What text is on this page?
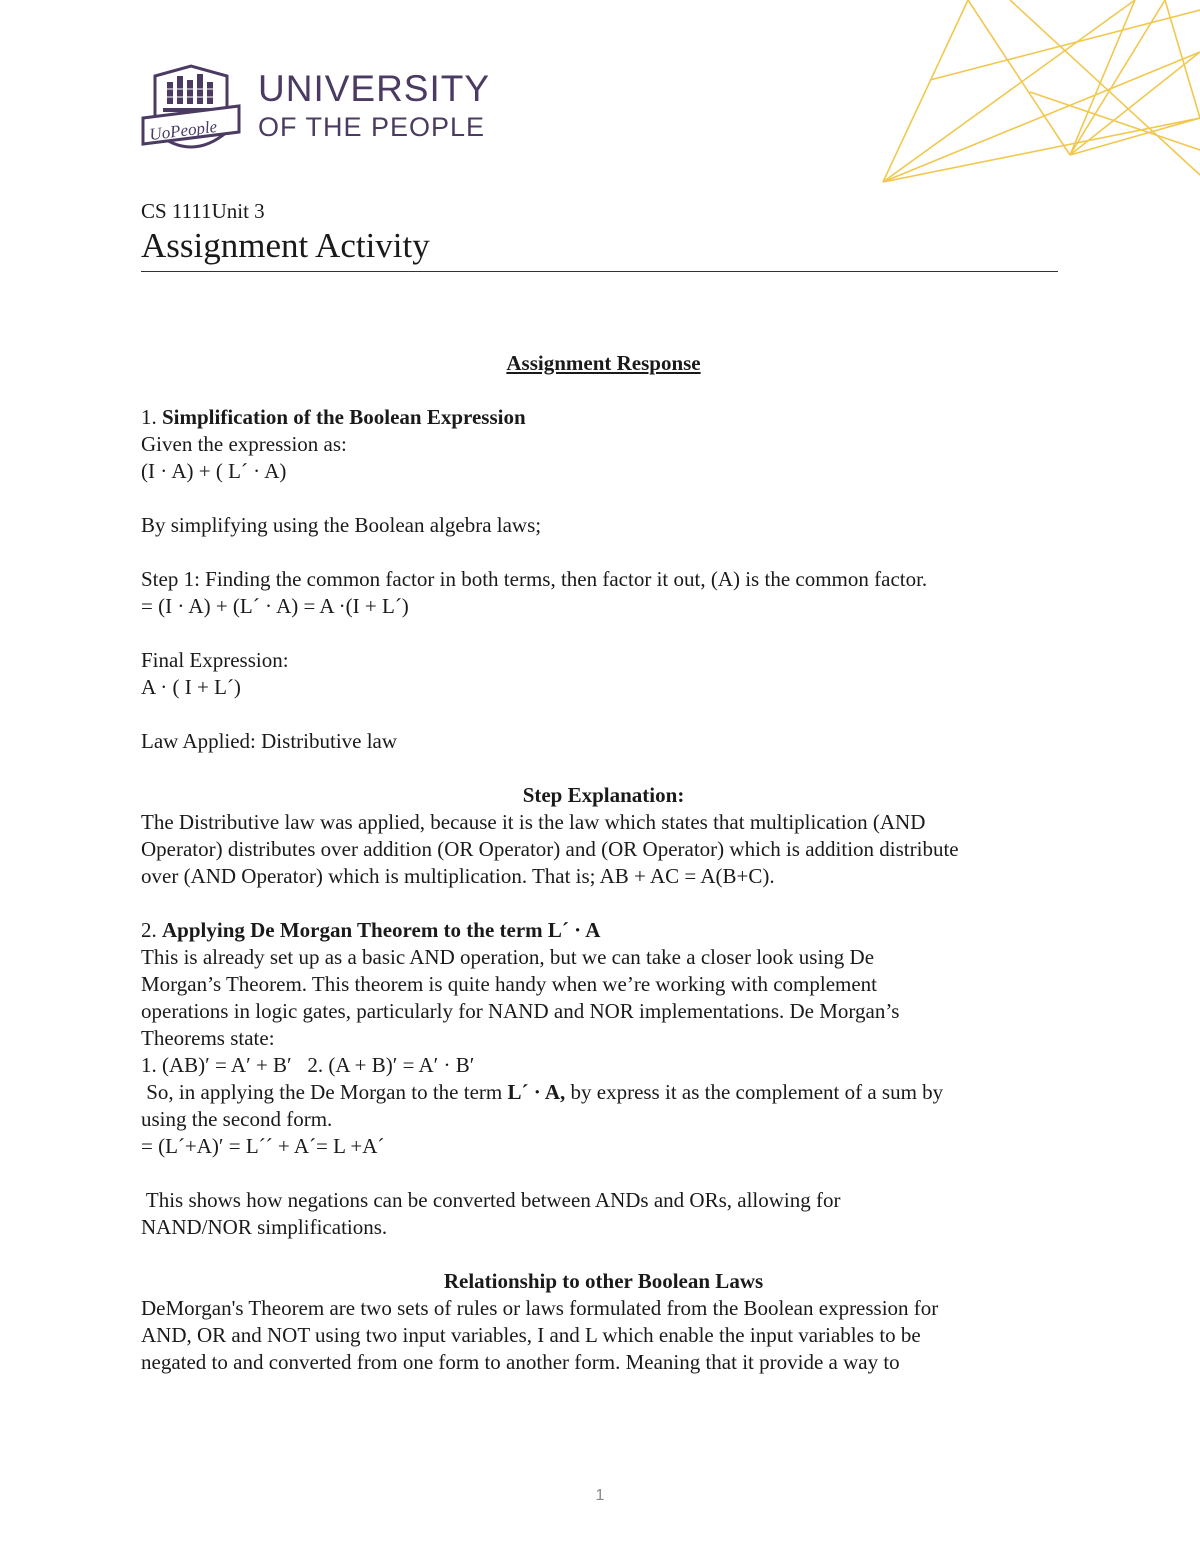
UoPeople
UNIVERSITY
OF THE PEOPLE
CS 1111Unit 3
Assignment Activity
Assignment Response
1. Simplification of the Boolean Expression
Given the expression as:
(I · A) + ( L´ · A)
By simplifying using the Boolean algebra laws;
Step 1: Finding the common factor in both terms, then factor it out, (A) is the common factor.
= (I · A) + (L´ · A) = A ·(I + L´)
Final Expression:
A · ( I + L´)
Law Applied: Distributive law
Step Explanation:
The Distributive law was applied, because it is the law which states that multiplication (AND
Operator) distributes over addition (OR Operator) and (OR Operator) which is addition distribute
over (AND Operator) which is multiplication. That is; AB + AC = A(B+C).
2. Applying De Morgan Theorem to the term L´ · A
This is already set up as a basic AND operation, but we can take a closer look using De
Morgan’s Theorem. This theorem is quite handy when we’re working with complement
operations in logic gates, particularly for NAND and NOR implementations. De Morgan’s
Theorems state:
1. (AB)′ = A′ + B′   2. (A + B)′ = A′ · B′
So, in applying the De Morgan to the term L´ · A, by express it as the complement of a sum by
using the second form.
= (L´+A)′ = L´´ + A´= L +A´
This shows how negations can be converted between ANDs and ORs, allowing for
NAND/NOR simplifications.
Relationship to other Boolean Laws
DeMorgan's Theorem are two sets of rules or laws formulated from the Boolean expression for
AND, OR and NOT using two input variables, I and L which enable the input variables to be
negated to and converted from one form to another form. Meaning that it provide a way to
1
